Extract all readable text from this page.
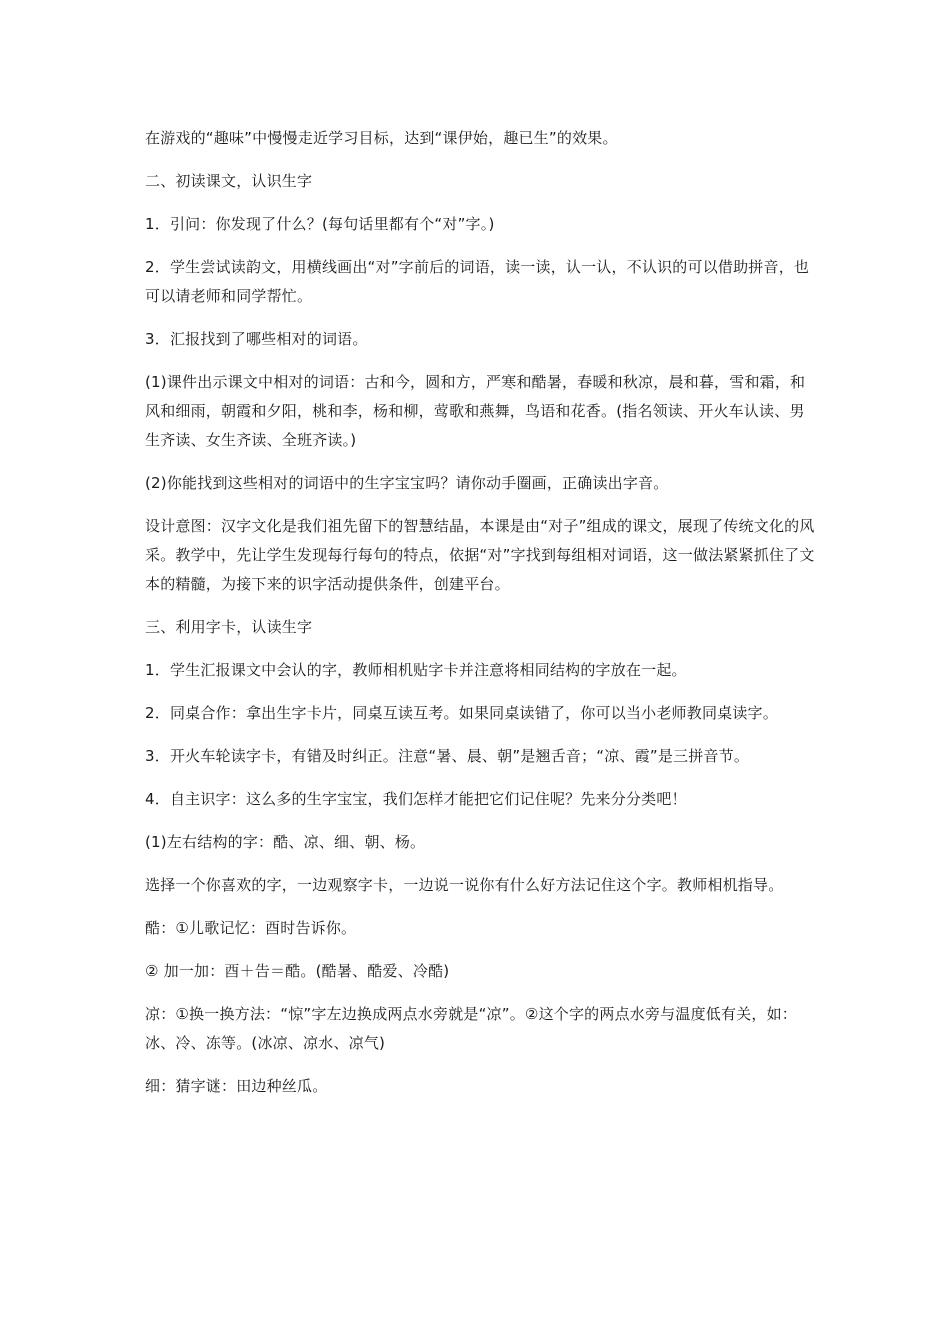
在游戏的“趣味”中慢慢走近学习目标，达到“课伊始，趣已生”的效果。

二、初读课文，认识生字

1．引问：你发现了什么？(每句话里都有个“对”字。)

2．学生尝试读韵文，用横线画出“对”字前后的词语，读一读，认一认，不认识的可以借助拼音，也可以请老师和同学帮忙。

3．汇报找到了哪些相对的词语。

(1)课件出示课文中相对的词语：古和今，圆和方，严寒和酷暑，春暖和秋凉，晨和暮，雪和霜，和风和细雨，朝霞和夕阳，桃和李，杨和柳，莺歌和燕舞，鸟语和花香。(指名领读、开火车认读、男生齐读、女生齐读、全班齐读。)

(2)你能找到这些相对的词语中的生字宝宝吗？请你动手圈画，正确读出字音。

设计意图：汉字文化是我们祖先留下的智慧结晶，本课是由“对子”组成的课文，展现了传统文化的风采。教学中，先让学生发现每行每句的特点，依据“对”字找到每组相对词语，这一做法紧紧抓住了文本的精髓，为接下来的识字活动提供条件，创建平台。

三、利用字卡，认读生字

1．学生汇报课文中会认的字，教师相机贴字卡并注意将相同结构的字放在一起。

2．同桌合作：拿出生字卡片，同桌互读互考。如果同桌读错了，你可以当小老师教同桌读字。

3．开火车轮读字卡，有错及时纠正。注意“暑、晨、朝”是翘舌音；“凉、霞”是三拼音节。

4．自主识字：这么多的生字宝宝，我们怎样才能把它们记住呢？先来分分类吧！

(1)左右结构的字：酷、凉、细、朝、杨。

选择一个你喜欢的字，一边观察字卡，一边说一说你有什么好方法记住这个字。教师相机指导。

酷：①儿歌记忆：酉时告诉你。

② 加一加：酉＋告＝酷。(酷暑、酷爱、冷酷)

凉：①换一换方法：“惊”字左边换成两点水旁就是“凉”。②这个字的两点水旁与温度低有关，如：冰、冷、冻等。(冰凉、凉水、凉气)

细：猜字谜：田边种丝瓜。
